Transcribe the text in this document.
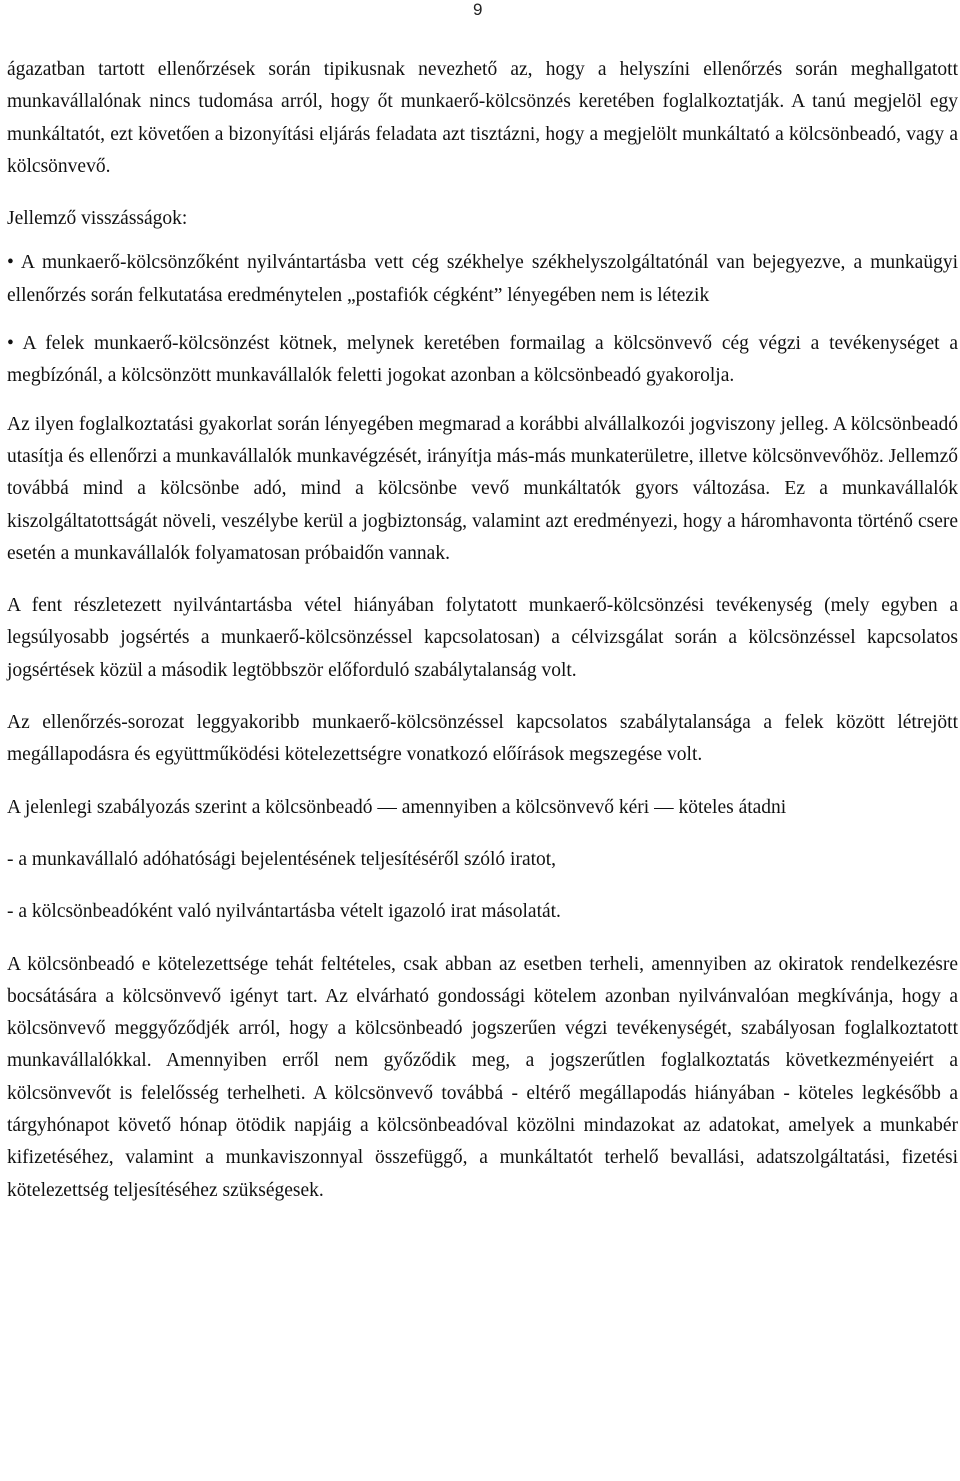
9

ágazatban tartott ellenőrzések során tipikusnak nevezhető az, hogy a helyszíni ellenőrzés során meghallgatott munkavállalónak nincs tudomása arról, hogy őt munkaerő-kölcsönzés keretében foglalkoztatják. A tanú megjelöl egy munkáltatót, ezt követően a bizonyítási eljárás feladata azt tisztázni, hogy a megjelölt munkáltató a kölcsönbeadó, vagy a kölcsönvevő.

Jellemző visszásságok:

• A munkaerő-kölcsönzőként nyilvántartásba vett cég székhelye székhelyszolgáltatónál van bejegyezve, a munkaügyi ellenőrzés során felkutatása eredménytelen „postafiók cégként” lényegében nem is létezik

• A felek munkaerő-kölcsönzést kötnek, melynek keretében formailag a kölcsönvevő cég végzi a tevékenységet a megbízónál, a kölcsönzött munkavállalók feletti jogokat azonban a kölcsönbeadó gyakorolja.

Az ilyen foglalkoztatási gyakorlat során lényegében megmarad a korábbi alvállalkozói jogviszony jelleg. A kölcsönbeadó utasítja és ellenőrzi a munkavállalók munkavégzését, irányítja más-más munkaterületre, illetve kölcsönvevőhöz. Jellemző továbbá mind a kölcsönbe adó, mind a kölcsönbe vevő munkáltatók gyors változása. Ez a munkavállalók kiszolgáltatottságát növeli, veszélybe kerül a jogbiztonság, valamint azt eredményezi, hogy a háromhavonta történő csere esetén a munkavállalók folyamatosan próbaidőn vannak.

A fent részletezett nyilvántartásba vétel hiányában folytatott munkaerő-kölcsönzési tevékenység (mely egyben a legsúlyosabb jogsértés a munkaerő-kölcsönzéssel kapcsolatosan) a célvizsgálat során a kölcsönzéssel kapcsolatos jogsértések közül a második legtöbbször előforduló szabálytalanság volt.

Az ellenőrzés-sorozat leggyakoribb munkaerő-kölcsönzéssel kapcsolatos szabálytalansága a felek között létrejött megállapodásra és együttműködési kötelezettségre vonatkozó előírások megszegése volt.

A jelenlegi szabályozás szerint a kölcsönbeadó — amennyiben a kölcsönvevő kéri — köteles átadni

- a munkavállaló adóhatósági bejelentésének teljesítéséről szóló iratot,

- a kölcsönbeadóként való nyilvántartásba vételt igazoló irat másolatát.

A kölcsönbeadó e kötelezettsége tehát feltételes, csak abban az esetben terheli, amennyiben az okiratok rendelkezésre bocsátására a kölcsönvevő igényt tart. Az elvárható gondossági kötelem azonban nyilvánvalóan megkívánja, hogy a kölcsönvevő meggyőződjék arról, hogy a kölcsönbeadó jogszerűen végzi tevékenységét, szabályosan foglalkoztatott munkavállalókkal. Amennyiben erről nem győződik meg, a jogszerűtlen foglalkoztatás következményeiért a kölcsönvevőt is felelősség terhelheti. A kölcsönvevő továbbá - eltérő megállapodás hiányában - köteles legkésőbb a tárgyhónapot követő hónap ötödik napjáig a kölcsönbeadóval közölni mindazokat az adatokat, amelyek a munkabér kifizetéséhez, valamint a munkaviszonnyal összefüggő, a munkáltatót terhelő bevallási, adatszolgáltatási, fizetési kötelezettség teljesítéséhez szükségesek.
